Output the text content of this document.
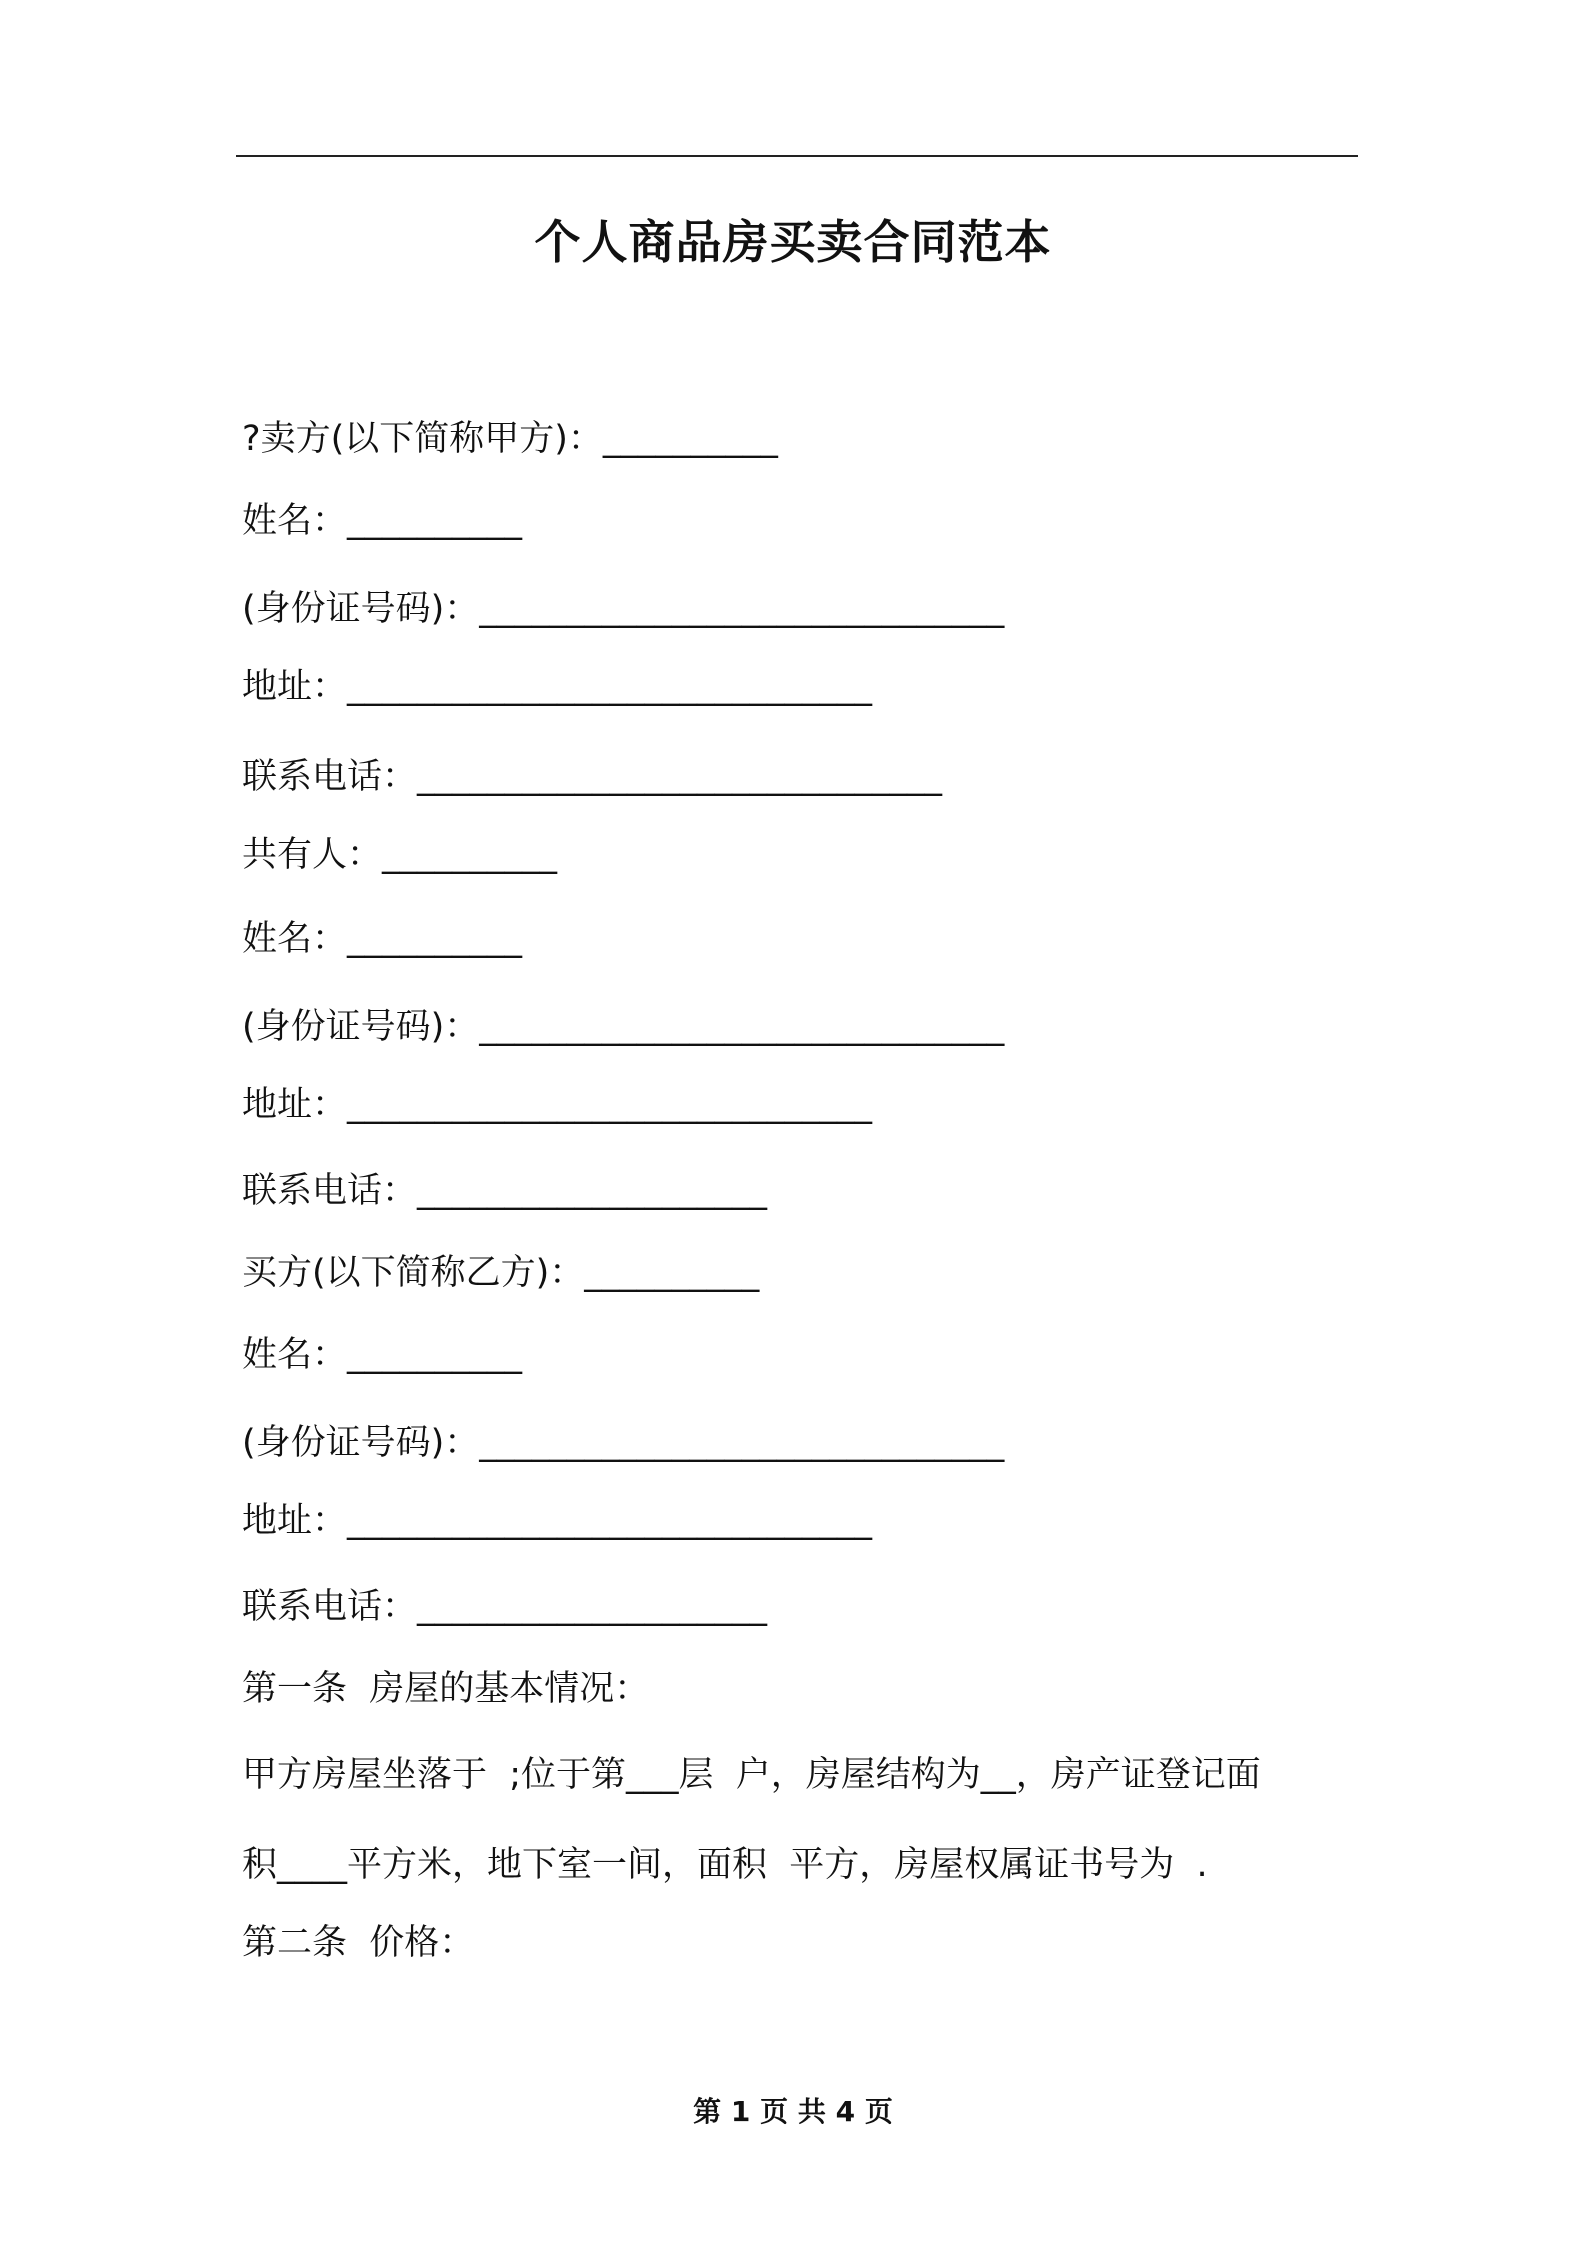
个人商品房买卖合同范本
?卖方(以下简称甲方)：__________
姓名：__________
(身份证号码)：______________________________
地址：______________________________
联系电话：______________________________
共有人：__________
姓名：__________
(身份证号码)：______________________________
地址：______________________________
联系电话：____________________
买方(以下简称乙方)：__________
姓名：__________
(身份证号码)：______________________________
地址：______________________________
联系电话：____________________
第一条  房屋的基本情况：
甲方房屋坐落于  ;位于第___层  户，房屋结构为__，房产证登记面
积____平方米，地下室一间，面积  平方，房屋权属证书号为  .
第二条  价格：
第 1 页 共 4 页
